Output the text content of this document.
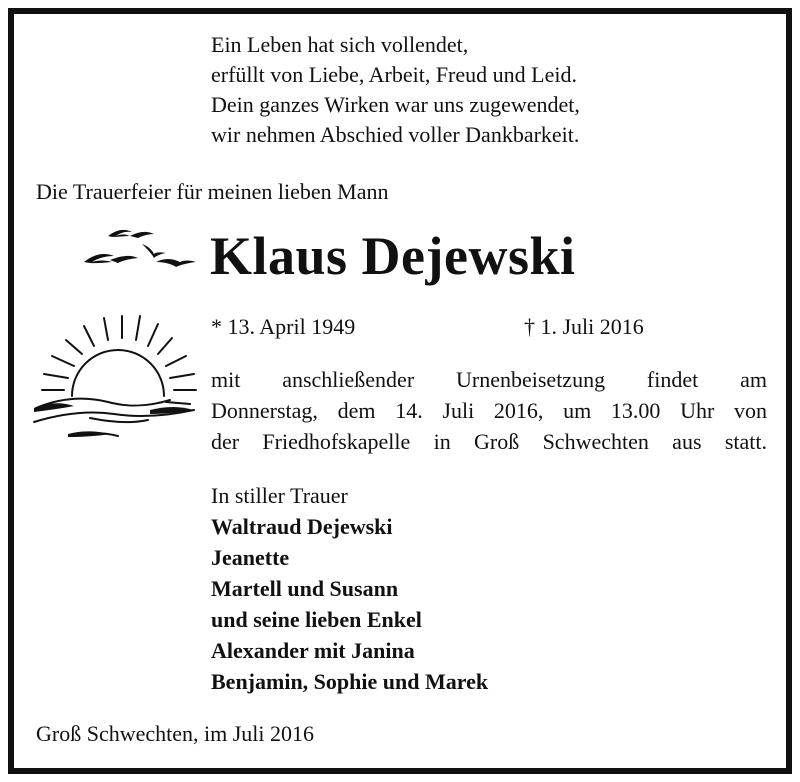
Ein Leben hat sich vollendet,
erfüllt von Liebe, Arbeit, Freud und Leid.
Dein ganzes Wirken war uns zugewendet,
wir nehmen Abschied voller Dankbarkeit.
Die Trauerfeier für meinen lieben Mann
Klaus Dejewski
* 13. April 1949	† 1. Juli 2016
mit anschließender Urnenbeisetzung findet am
Donnerstag, dem 14. Juli 2016, um 13.00 Uhr von
der Friedhofskapelle in Groß Schwechten aus statt.
In stiller Trauer
Waltraud Dejewski
Jeanette
Martell und Susann
und seine lieben Enkel
Alexander mit Janina
Benjamin, Sophie und Marek
Groß Schwechten, im Juli 2016
